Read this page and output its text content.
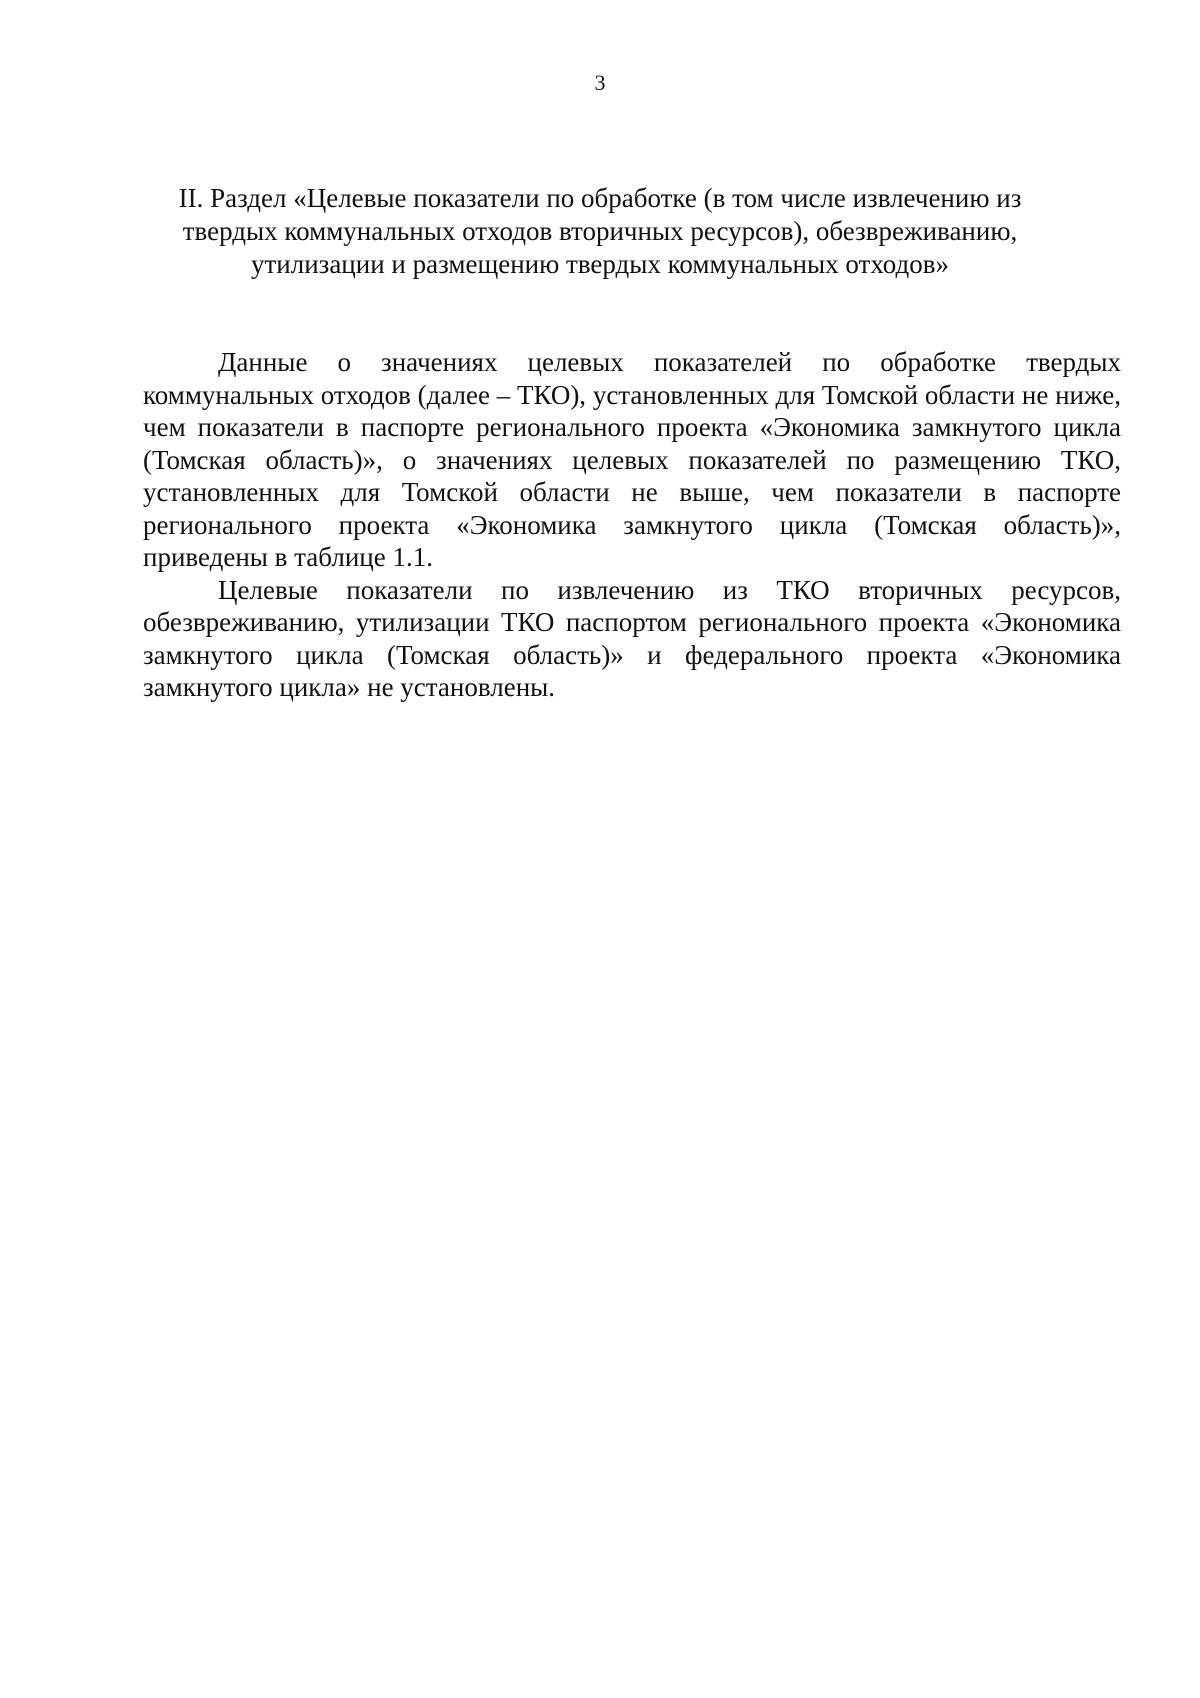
3
II. Раздел «Целевые показатели по обработке (в том числе извлечению из
твердых коммунальных отходов вторичных ресурсов), обезвреживанию,
утилизации и размещению твердых коммунальных отходов»

Данные о значениях целевых показателей по обработке твердых коммунальных отходов (далее – ТКО), установленных для Томской области не ниже, чем показатели в паспорте регионального проекта «Экономика замкнутого цикла (Томская область)», о значениях целевых показателей по размещению ТКО, установленных для Томской области не выше, чем показатели в паспорте регионального проекта «Экономика замкнутого цикла (Томская область)», приведены в таблице 1.1.

Целевые показатели по извлечению из ТКО вторичных ресурсов, обезвреживанию, утилизации ТКО паспортом регионального проекта «Экономика замкнутого цикла (Томская область)» и федерального проекта «Экономика замкнутого цикла» не установлены.
